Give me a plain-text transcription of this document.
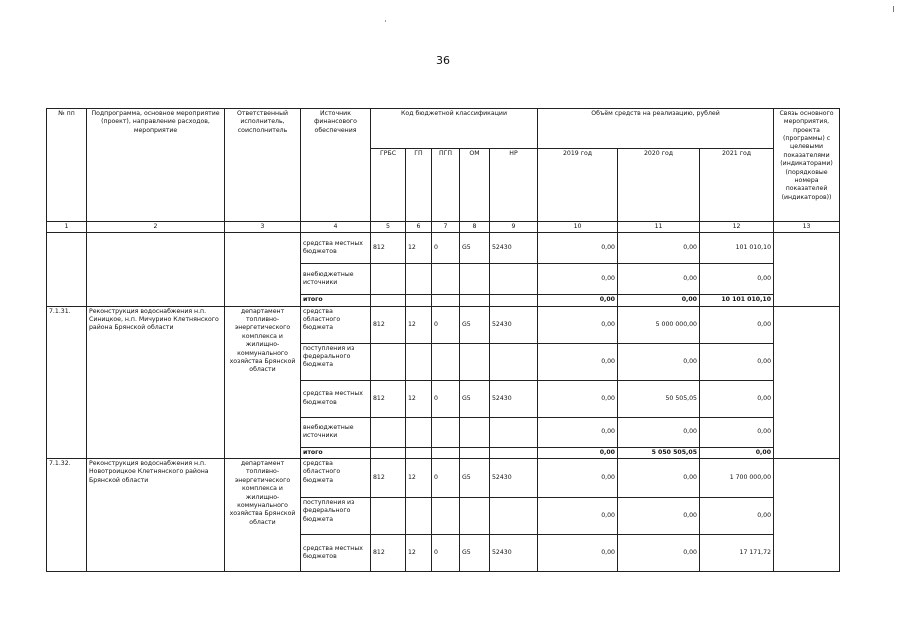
36
№ пп	Подпрограмма, основное мероприятие (проект), направление расходов, мероприятие	Ответственный исполнитель, соисполнитель	Источник финансового обеспечения	Код бюджетной классификации					Объём средств на реализацию, рублей			Связь основного мероприятия, проекта (программы) с целевыми показателями (индикаторами) (порядковые номера показателей (индикаторов))
				ГРБС	ГП	ПГП	ОМ	НР	2019 год	2020 год	2021 год	
1	2	3	4	5	6	7	8	9	10	11	12	13
			средства местных бюджетов	812	12	0	G5	52430	0,00	0,00	101 010,10	
			внебюджетные источники						0,00	0,00	0,00	
			итого						0,00	0,00	10 101 010,10	
7.1.31.	Реконструкция водоснабжения н.п. Синицкое, н.п. Мичурино Клетнянского района Брянской области	департамент топливно-энергетического комплекса и жилищно-коммунального хозяйства Брянской области	средства областного бюджета	812	12	0	G5	52430	0,00	5 000 000,00	0,00	
			поступления из федерального бюджета						0,00	0,00	0,00	
			средства местных бюджетов	812	12	0	G5	52430	0,00	50 505,05	0,00	
			внебюджетные источники						0,00	0,00	0,00	
			итого						0,00	5 050 505,05	0,00	
7.1.32.	Реконструкция водоснабжения н.п. Новотроицкое Клетнянского района Брянской области	департамент топливно-энергетического комплекса и жилищно-коммунального хозяйства Брянской области	средства областного бюджета	812	12	0	G5	52430	0,00	0,00	1 700 000,00	
			поступления из федерального бюджета						0,00	0,00	0,00	
			средства местных бюджетов	812	12	0	G5	52430	0,00	0,00	17 171,72	
